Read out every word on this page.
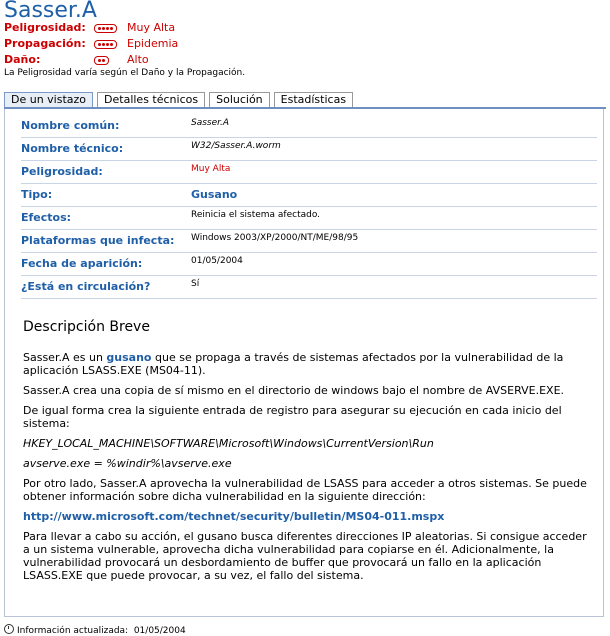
Sasser.A
Peligrosidad:	Muy Alta
Propagación:	Epidemia
Daño:	Alto
La Peligrosidad varía según el Daño y la Propagación.
De un vistazo	Detalles técnicos	Solución	Estadísticas
Nombre común:	Sasser.A
Nombre técnico:	W32/Sasser.A.worm
Peligrosidad:	Muy Alta
Tipo:	Gusano
Efectos:	Reinicia el sistema afectado.
Plataformas que infecta: Windows 2003/XP/2000/NT/ME/98/95
Fecha de aparición:	01/05/2004
¿Está en circulación?	Sí
Descripción Breve

Sasser.A es un gusano que se propaga a través de sistemas afectados por la vulnerabilidad de la aplicación LSASS.EXE (MS04-11).

Sasser.A crea una copia de sí mismo en el directorio de windows bajo el nombre de AVSERVE.EXE.

De igual forma crea la siguiente entrada de registro para asegurar su ejecución en cada inicio del sistema:

HKEY_LOCAL_MACHINE\SOFTWARE\Microsoft\Windows\CurrentVersion\Run

avserve.exe = %windir%\avserve.exe

Por otro lado, Sasser.A aprovecha la vulnerabilidad de LSASS para acceder a otros sistemas. Se puede obtener información sobre dicha vulnerabilidad en la siguiente dirección:

http://www.microsoft.com/technet/security/bulletin/MS04-011.mspx

Para llevar a cabo su acción, el gusano busca diferentes direcciones IP aleatorias. Si consigue acceder a un sistema vulnerable, aprovecha dicha vulnerabilidad para copiarse en él. Adicionalmente, la vulnerabilidad provocará un desbordamiento de buffer que provocará un fallo en la aplicación LSASS.EXE que puede provocar, a su vez, el fallo del sistema.

Información actualizada: 01/05/2004
